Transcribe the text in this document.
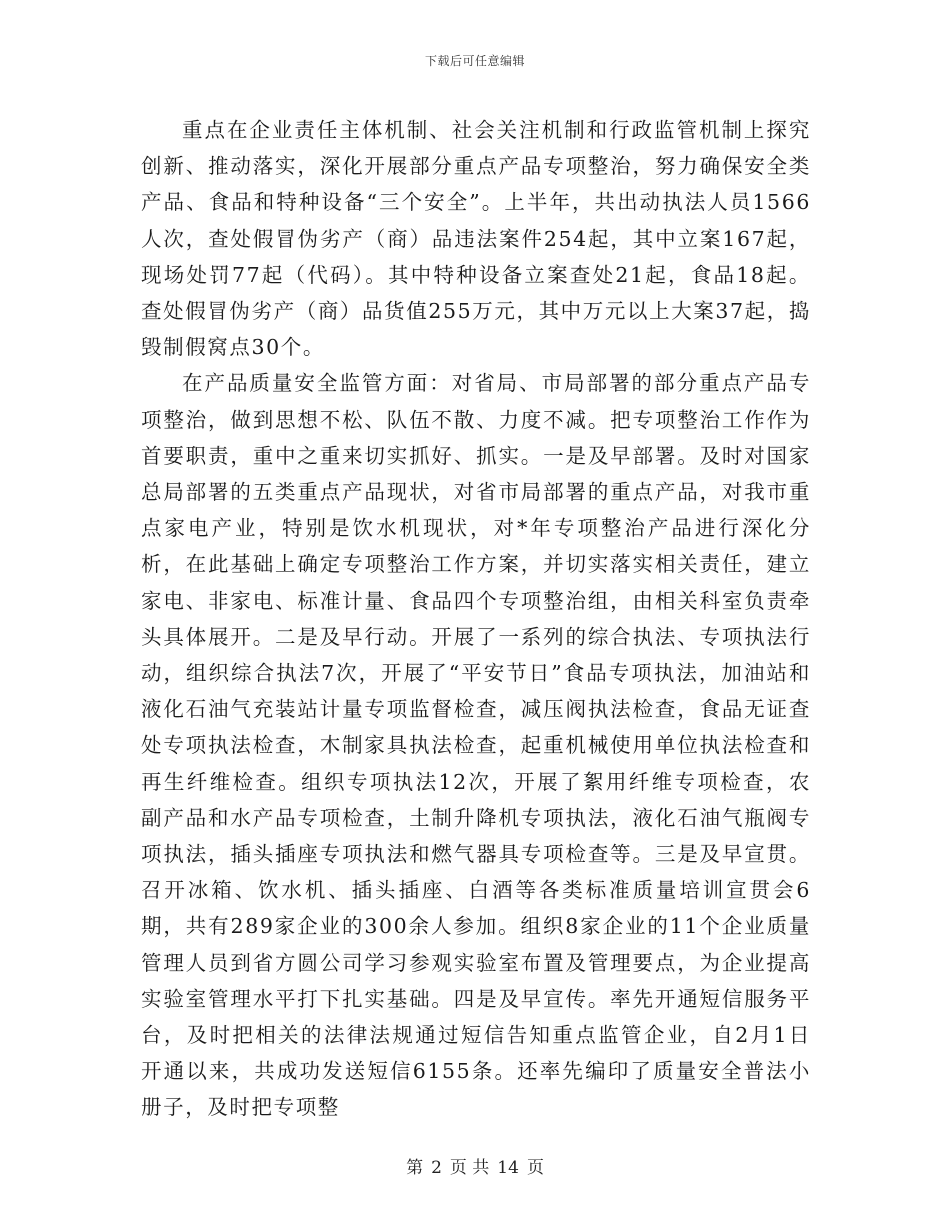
下载后可任意编辑

重点在企业责任主体机制、社会关注机制和行政监管机制上探究创新、推动落实，深化开展部分重点产品专项整治，努力确保安全类产品、食品和特种设备“三个安全”。上半年，共出动执法人员1566人次，查处假冒伪劣产（商）品违法案件254起，其中立案167起，现场处罚77起（代码）。其中特种设备立案查处21起，食品18起。查处假冒伪劣产（商）品货值255万元，其中万元以上大案37起，捣毁制假窝点30个。

在产品质量安全监管方面：对省局、市局部署的部分重点产品专项整治，做到思想不松、队伍不散、力度不减。把专项整治工作作为首要职责，重中之重来切实抓好、抓实。一是及早部署。及时对国家总局部署的五类重点产品现状，对省市局部署的重点产品，对我市重点家电产业，特别是饮水机现状，对*年专项整治产品进行深化分析，在此基础上确定专项整治工作方案，并切实落实相关责任，建立家电、非家电、标准计量、食品四个专项整治组，由相关科室负责牵头具体展开。二是及早行动。开展了一系列的综合执法、专项执法行动，组织综合执法7次，开展了“平安节日”食品专项执法，加油站和液化石油气充装站计量专项监督检查，减压阀执法检查，食品无证查处专项执法检查，木制家具执法检查，起重机械使用单位执法检查和再生纤维检查。组织专项执法12次，开展了絮用纤维专项检查，农副产品和水产品专项检查，土制升降机专项执法，液化石油气瓶阀专项执法，插头插座专项执法和燃气器具专项检查等。三是及早宣贯。召开冰箱、饮水机、插头插座、白酒等各类标准质量培训宣贯会6期，共有289家企业的300余人参加。组织8家企业的11个企业质量管理人员到省方圆公司学习参观实验室布置及管理要点，为企业提高实验室管理水平打下扎实基础。四是及早宣传。率先开通短信服务平台，及时把相关的法律法规通过短信告知重点监管企业，自2月1日开通以来，共成功发送短信6155条。还率先编印了质量安全普法小册子，及时把专项整

第 2 页 共 14 页
